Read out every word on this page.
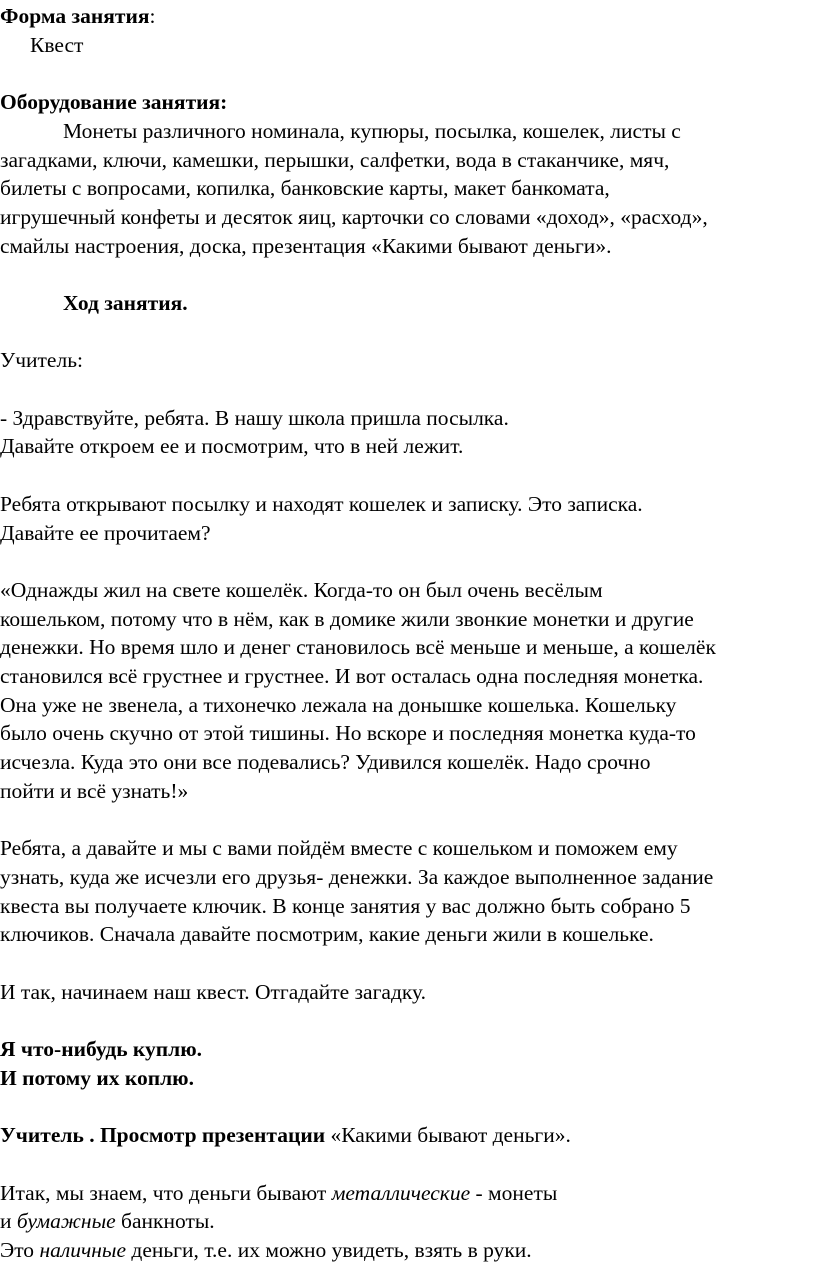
Форма занятия:

Квест

Оборудование занятия:

Монеты различного номинала, купюры, посылка, кошелек, листы с

загадками, ключи, камешки, перышки, салфетки, вода в стаканчике, мяч,

билеты с вопросами, копилка, банковские карты, макет банкомата,

игрушечный конфеты и десяток яиц, карточки со словами «доход», «расход»,

смайлы настроения, доска, презентация «Какими бывают деньги».

Ход занятия.

Учитель:

- Здравствуйте, ребята. В нашу школа пришла посылка.

Давайте откроем ее и посмотрим, что в ней лежит.

Ребята открывают посылку и находят кошелек и записку. Это записка.

Давайте ее прочитаем?

«Однажды жил на свете кошелёк. Когда-то он был очень весёлым

кошельком, потому что в нём, как в домике жили звонкие монетки и другие

денежки. Но время шло и денег становилось всё меньше и меньше, а кошелёк

становился всё грустнее и грустнее. И вот осталась одна последняя монетка.

Она уже не звенела, а тихонечко лежала на донышке кошелька. Кошельку

было очень скучно от этой тишины. Но вскоре и последняя монетка куда-то

исчезла. Куда это они все подевались? Удивился кошелёк. Надо срочно

пойти и всё узнать!»

Ребята, а давайте и мы с вами пойдём вместе с кошельком и поможем ему

узнать, куда же исчезли его друзья- денежки. За каждое выполненное задание

квеста вы получаете ключик. В конце занятия у вас должно быть собрано 5

ключиков. Сначала давайте посмотрим, какие деньги жили в кошельке.

И так, начинаем наш квест. Отгадайте загадку.

Я что-нибудь куплю.

И потому их коплю.

Учитель . Просмотр презентации «Какими бывают деньги».

Итак, мы знаем, что деньги бывают металлические - монеты

и бумажные банкноты.

Это наличные деньги, т.е. их можно увидеть, взять в руки.
